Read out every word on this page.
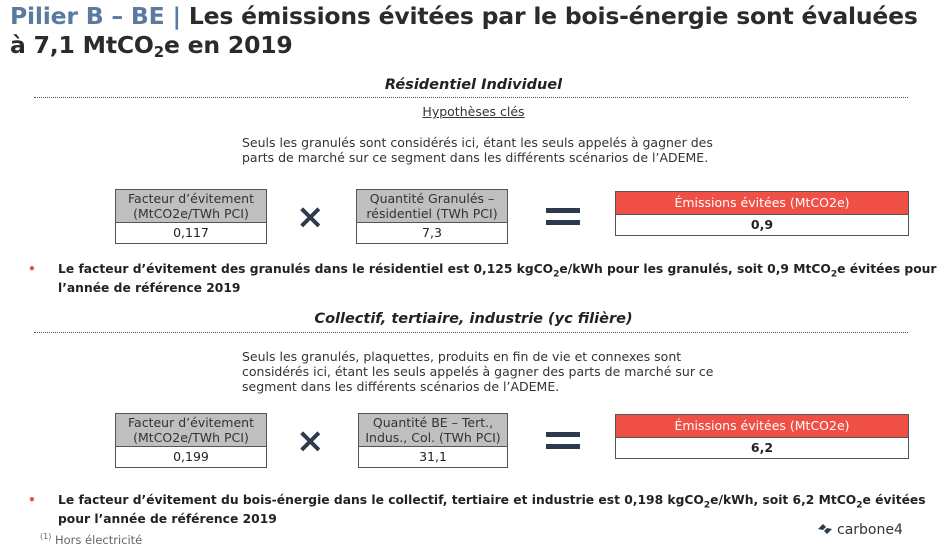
Pilier B – BE | Les émissions évitées par le bois-énergie sont évaluées à 7,1 MtCO$_2$e en 2019
Résidentiel Individuel
Hypothèses clés
Seuls les granulés sont considérés ici, étant les seuls appelés à gagner des parts de marché sur ce segment dans les différents scénarios de l’ADEME.
Facteur d’évitement (MtCO2e/TWh PCI)
0,117	×	Quantité Granulés – résidentiel (TWh PCI)
7,3
Émissions évitées (MtCO2e)
0,9
• Le facteur d’évitement des granulés dans le résidentiel est 0,125 kgCO$_2$e/kWh pour les granulés, soit 0,9 MtCO$_2$e évitées pour l’année de référence 2019
Collectif, tertiaire, industrie (yc filière)
Seuls les granulés, plaquettes, produits en fin de vie et connexes sont considérés ici, étant les seuls appelés à gagner des parts de marché sur ce segment dans les différents scénarios de l’ADEME.
Facteur d’évitement (MtCO2e/TWh PCI)
0,199	×	Quantité BE – Tert., Indus., Col. (TWh PCI)
31,1
Émissions évitées (MtCO2e)
6,2
• Le facteur d’évitement du bois-énergie dans le collectif, tertiaire et industrie est 0,198 kgCO$_2$e/kWh, soit 6,2 MtCO$_2$e évitées pour l’année de référence 2019
$^{(1)}$ Hors électricité
carbone4
